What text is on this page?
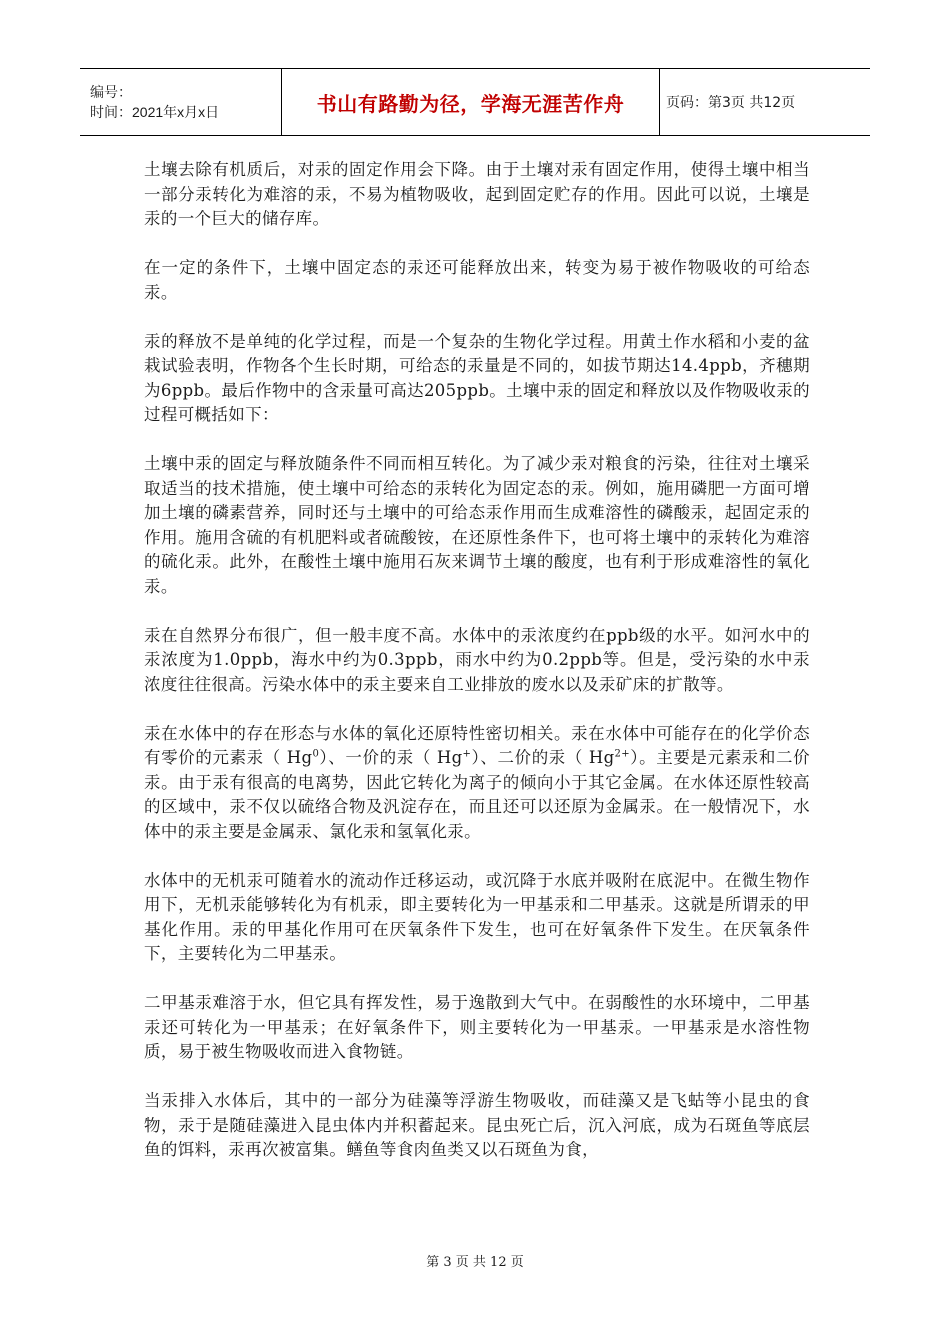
编号：
时间：2021年x月x日	书山有路勤为径，学海无涯苦作舟	页码：第3页 共12页

土壤去除有机质后，对汞的固定作用会下降。由于土壤对汞有固定作用，使得土壤中相当一部分汞转化为难溶的汞，不易为植物吸收，起到固定贮存的作用。因此可以说，土壤是汞的一个巨大的储存库。

在一定的条件下，土壤中固定态的汞还可能释放出来，转变为易于被作物吸收的可给态汞。

汞的释放不是单纯的化学过程，而是一个复杂的生物化学过程。用黄土作水稻和小麦的盆栽试验表明，作物各个生长时期，可给态的汞量是不同的，如拔节期达14.4ppb，齐穗期为6ppb。最后作物中的含汞量可高达205ppb。土壤中汞的固定和释放以及作物吸收汞的过程可概括如下：

土壤中汞的固定与释放随条件不同而相互转化。为了减少汞对粮食的污染，往往对土壤采取适当的技术措施，使土壤中可给态的汞转化为固定态的汞。例如，施用磷肥一方面可增加土壤的磷素营养，同时还与土壤中的可给态汞作用而生成难溶性的磷酸汞，起固定汞的作用。施用含硫的有机肥料或者硫酸铵，在还原性条件下，也可将土壤中的汞转化为难溶的硫化汞。此外，在酸性土壤中施用石灰来调节土壤的酸度，也有利于形成难溶性的氧化汞。

汞在自然界分布很广，但一般丰度不高。水体中的汞浓度约在ppb级的水平。如河水中的汞浓度为1.0ppb，海水中约为0.3ppb，雨水中约为0.2ppb等。但是，受污染的水中汞浓度往往很高。污染水体中的汞主要来自工业排放的废水以及汞矿床的扩散等。

汞在水体中的存在形态与水体的氧化还原特性密切相关。汞在水体中可能存在的化学价态有零价的元素汞（ Hg$^0$）、一价的汞（ Hg+）、二价的汞（ $Hg^{2+}$）。主要是元素汞和二价汞。由于汞有很高的电离势，因此它转化为离子的倾向小于其它金属。在水体还原性较高的区域中，汞不仅以硫络合物及汎淀存在，而且还可以还原为金属汞。在一般情况下，水体中的汞主要是金属汞、氯化汞和氢氧化汞。

水体中的无机汞可随着水的流动作迁移运动，或沉降于水底并吸附在底泥中。在微生物作用下，无机汞能够转化为有机汞，即主要转化为一甲基汞和二甲基汞。这就是所谓汞的甲基化作用。汞的甲基化作用可在厌氧条件下发生，也可在好氧条件下发生。在厌氧条件下，主要转化为二甲基汞。

二甲基汞难溶于水，但它具有挥发性，易于逸散到大气中。在弱酸性的水环境中，二甲基汞还可转化为一甲基汞；在好氧条件下，则主要转化为一甲基汞。一甲基汞是水溶性物质，易于被生物吸收而进入食物链。

当汞排入水体后，其中的一部分为硅藻等浮游生物吸收，而硅藻又是飞蛄等小昆虫的食物，汞于是随硅藻进入昆虫体内并积蓄起来。昆虫死亡后，沉入河底，成为石斑鱼等底层鱼的饵料，汞再次被富集。鳝鱼等食肉鱼类又以石斑鱼为食，

第 3 页 共 12 页
